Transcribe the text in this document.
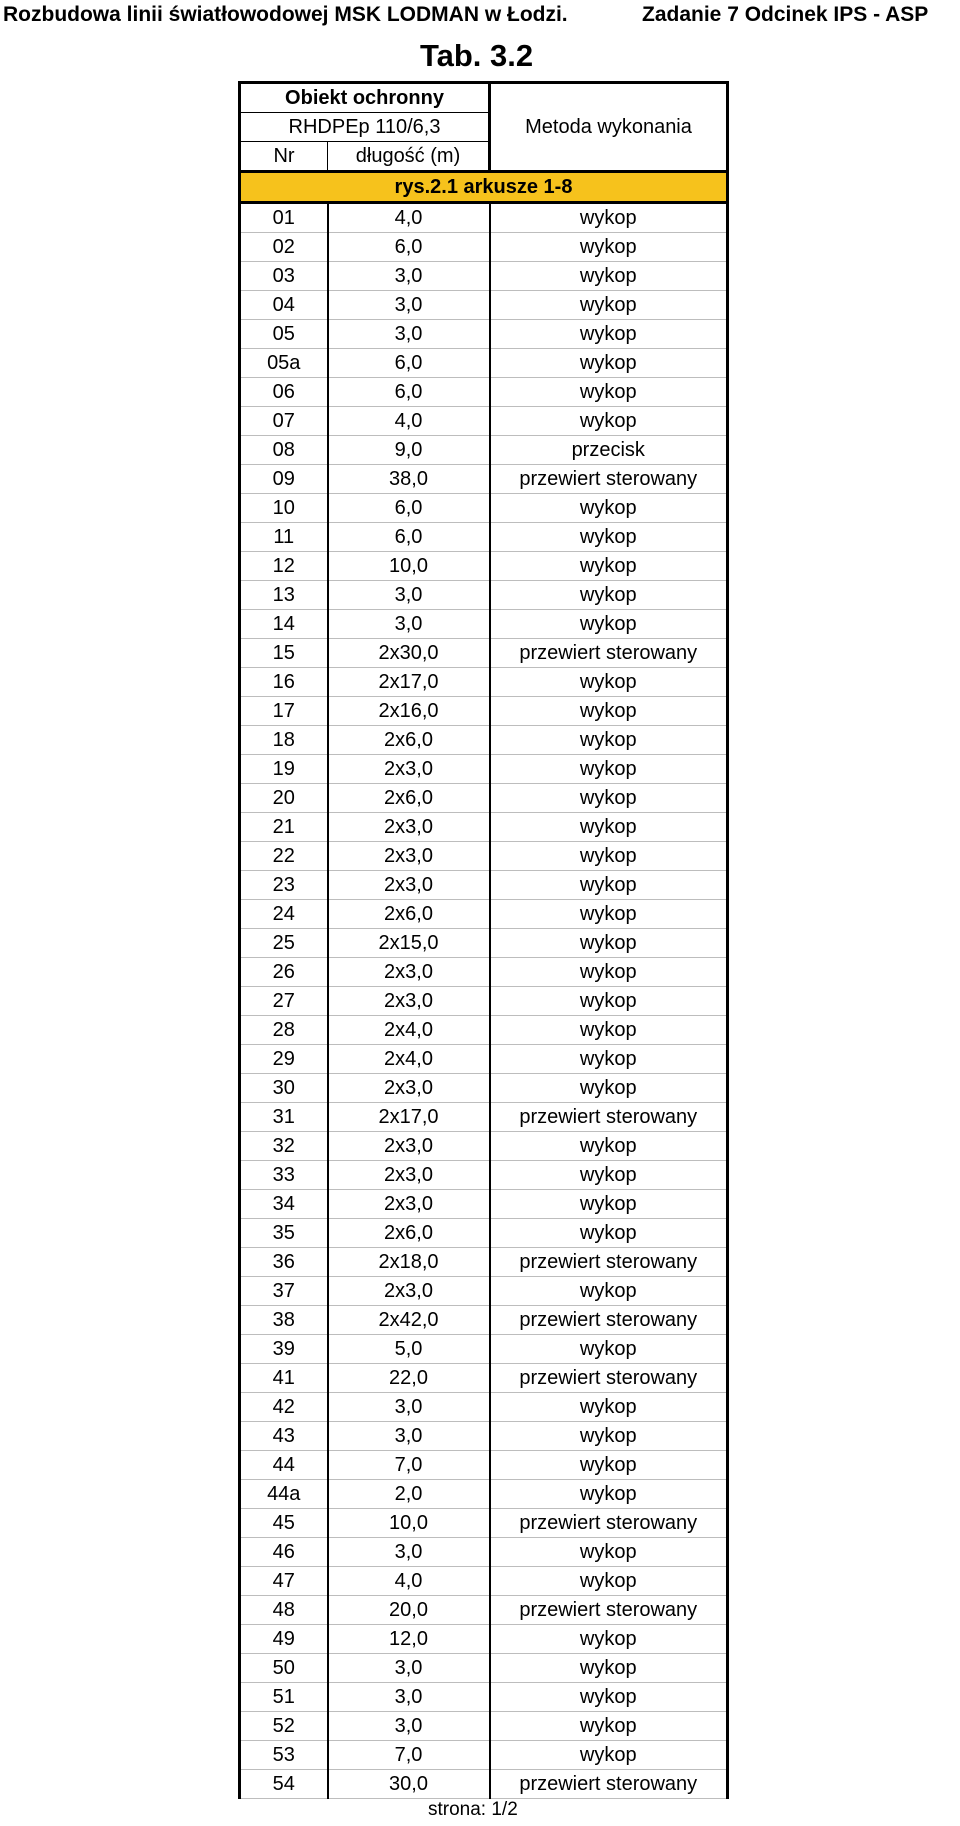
Rozbudowa linii światłowodowej MSK LODMAN w Łodzi.	Zadanie 7 Odcinek IPS - ASP
Tab. 3.2
Obiekt ochronny		Metoda wykonania
RHDPEp 110/6,3		
Nr	długość (m)	
rys.2.1 arkusze 1-8		
01	4,0	wykop
02	6,0	wykop
03	3,0	wykop
04	3,0	wykop
05	3,0	wykop
05a	6,0	wykop
06	6,0	wykop
07	4,0	wykop
08	9,0	przecisk
09	38,0	przewiert sterowany
10	6,0	wykop
11	6,0	wykop
12	10,0	wykop
13	3,0	wykop
14	3,0	wykop
15	2x30,0	przewiert sterowany
16	2x17,0	wykop
17	2x16,0	wykop
18	2x6,0	wykop
19	2x3,0	wykop
20	2x6,0	wykop
21	2x3,0	wykop
22	2x3,0	wykop
23	2x3,0	wykop
24	2x6,0	wykop
25	2x15,0	wykop
26	2x3,0	wykop
27	2x3,0	wykop
28	2x4,0	wykop
29	2x4,0	wykop
30	2x3,0	wykop
31	2x17,0	przewiert sterowany
32	2x3,0	wykop
33	2x3,0	wykop
34	2x3,0	wykop
35	2x6,0	wykop
36	2x18,0	przewiert sterowany
37	2x3,0	wykop
38	2x42,0	przewiert sterowany
39	5,0	wykop
41	22,0	przewiert sterowany
42	3,0	wykop
43	3,0	wykop
44	7,0	wykop
44a	2,0	wykop
45	10,0	przewiert sterowany
46	3,0	wykop
47	4,0	wykop
48	20,0	przewiert sterowany
49	12,0	wykop
50	3,0	wykop
51	3,0	wykop
52	3,0	wykop
53	7,0	wykop
54	30,0	przewiert sterowany
strona: 1/2
